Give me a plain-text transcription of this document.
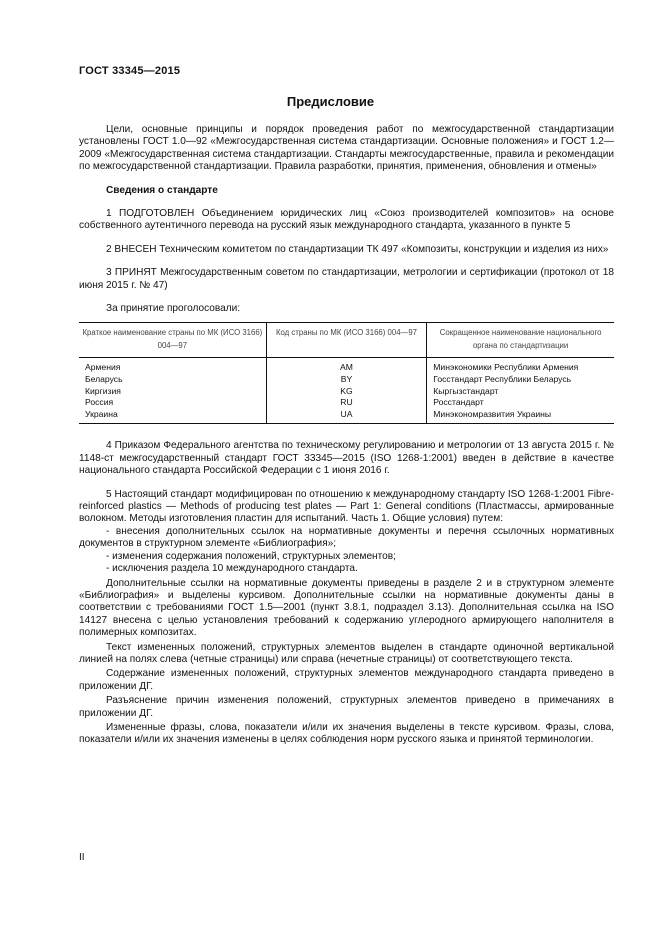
ГОСТ 33345—2015
Предисловие

Цели, основные принципы и порядок проведения работ по межгосударственной стандартизации установлены ГОСТ 1.0—92 «Межгосударственная система стандартизации. Основные положения» и ГОСТ 1.2—2009 «Межгосударственная система стандартизации. Стандарты межгосударственные, правила и рекомендации по межгосударственной стандартизации. Правила разработки, принятия, применения, обновления и отмены»

Сведения о стандарте

1 ПОДГОТОВЛЕН Объединением юридических лиц «Союз производителей композитов» на основе собственного аутентичного перевода на русский язык международного стандарта, указанного в пункте 5

2 ВНЕСЕН Техническим комитетом по стандартизации ТК 497 «Композиты, конструкции и изделия из них»

3 ПРИНЯТ Межгосударственным советом по стандартизации, метрологии и сертификации (протокол от 18 июня 2015 г. № 47)

За принятие проголосовали:

Краткое наименование страны по МК (ИСО 3166) 004—97	Код страны по МК (ИСО 3166) 004—97	Сокращенное наименование национального органа по стандартизации
Армения	AM	Минэкономики Республики Армения
Беларусь	BY	Госстандарт Республики Беларусь
Киргизия	KG	Кыргызстандарт
Россия	RU	Росстандарт
Украина	UA	Минэкономразвития Украины

4 Приказом Федерального агентства по техническому регулированию и метрологии от 13 августа 2015 г. № 1148-ст межгосударственный стандарт ГОСТ 33345—2015 (ISO 1268-1:2001) введен в действие в качестве национального стандарта Российской Федерации с 1 июня 2016 г.

5 Настоящий стандарт модифицирован по отношению к международному стандарту ISO 1268-1:2001 Fibre-reinforced plastics — Methods of producing test plates — Part 1: General conditions (Пластмассы, армированные волокном. Методы изготовления пластин для испытаний. Часть 1. Общие условия) путем:

- внесения дополнительных ссылок на нормативные документы и перечня ссылочных нормативных документов в структурном элементе «Библиография»;

- изменения содержания положений, структурных элементов;

- исключения раздела 10 международного стандарта.

Дополнительные ссылки на нормативные документы приведены в разделе 2 и в структурном элементе «Библиография» и выделены курсивом. Дополнительные ссылки на нормативные документы даны в соответствии с требованиями ГОСТ 1.5—2001 (пункт 3.8.1, подраздел 3.13). Дополнительная ссылка на ISO 14127 внесена с целью установления требований к содержанию углеродного армирующего наполнителя в полимерных композитах.

Текст измененных положений, структурных элементов выделен в стандарте одиночной вертикальной линией на полях слева (четные страницы) или справа (нечетные страницы) от соответствующего текста.

Содержание измененных положений, структурных элементов международного стандарта приведено в приложении ДГ.

Разъяснение причин изменения положений, структурных элементов приведено в примечаниях в приложении ДГ.

Измененные фразы, слова, показатели и/или их значения выделены в тексте курсивом. Фразы, слова, показатели и/или их значения изменены в целях соблюдения норм русского языка и принятой терминологии.

II
